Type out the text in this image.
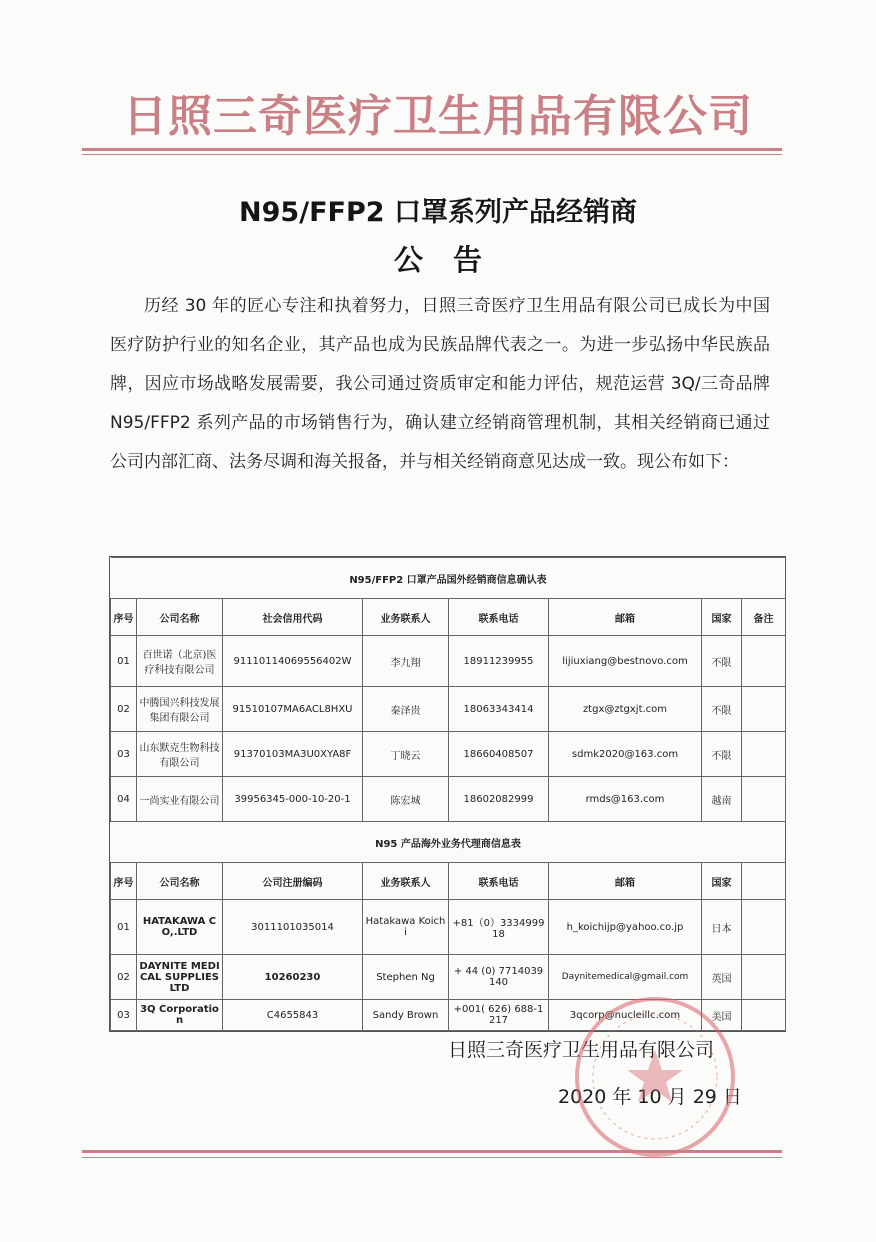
日照三奇医疗卫生用品有限公司
N95/FFP2 口罩系列产品经销商
公告

历经 30 年的匠心专注和执着努力，日照三奇医疗卫生用品有限公司已成长为中国医疗防护行业的知名企业，其产品也成为民族品牌代表之一。为进一步弘扬中华民族品牌，因应市场战略发展需要，我公司通过资质审定和能力评估，规范运营 3Q/三奇品牌 N95/FFP2 系列产品的市场销售行为，确认建立经销商管理机制，其相关经销商已通过公司内部汇商、法务尽调和海关报备，并与相关经销商意见达成一致。现公布如下：

N95/FFP2 口罩产品国外经销商信息确认表							
序号	公司名称	社会信用代码	业务联系人	联系电话	邮箱	国家	备注
01	百世诺（北京)医疗科技有限公司	91110114069556402W	李九翔	18911239955	lijiuxiang@bestnovo.com	不限	
02	中腾国兴科技发展集团有限公司	91510107MA6ACL8HXU	秦泽贵	18063343414	ztgx@ztgxjt.com	不限	
03	山东默克生物科技有限公司	91370103MA3U0XYA8F	丁晓云	18660408507	sdmk2020@163.com	不限	
04	一尚实业有限公司	39956345-000-10-20-1	陈宏城	18602082999	rmds@163.com	越南	
N95 产品海外业务代理商信息表							
序号	公司名称	公司注册编码	业务联系人	联系电话	邮箱	国家	
01	HATAKAWA CO,.LTD	3011101035014	Hatakawa Koichi	+81（0）333499918	h_koichijp@yahoo.co.jp	日本	
02	DAYNITE MEDICAL SUPPLIES LTD	10260230	Stephen Ng	+ 44 (0) 7714039140	Daynitemedical@gmail.com	英国	
03	3Q Corporation	C4655843	Sandy Brown	+001( 626) 688-1217	3qcorp@nucleillc.com	美国	
日照三奇医疗卫生用品有限公司
2020 年 10 月 29 日
